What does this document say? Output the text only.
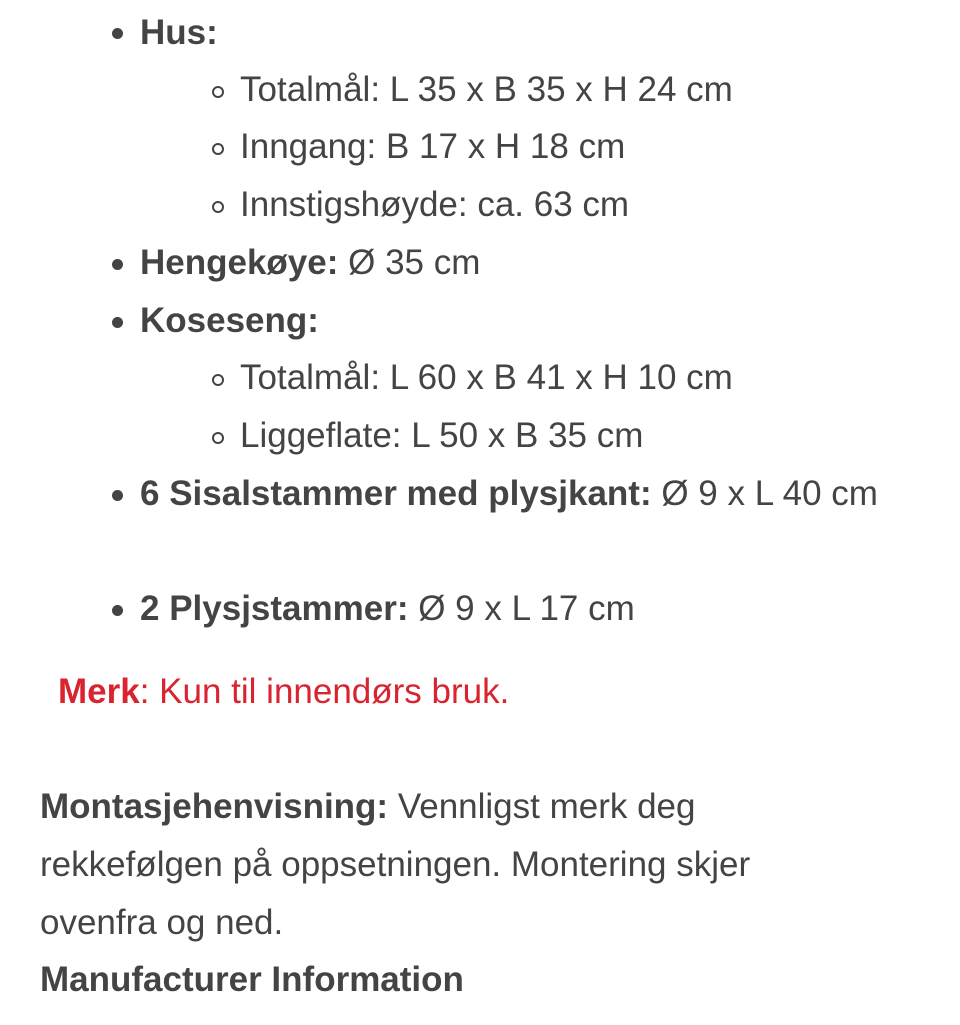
Hus:
Totalmål: L 35 x B 35 x H 24 cm
Inngang: B 17 x H 18 cm
Innstigshøyde: ca. 63 cm
Hengekøye: Ø 35 cm
Koseseng:
Totalmål: L 60 x B 41 x H 10 cm
Liggeflate: L 50 x B 35 cm
6 Sisalstammer med plysjkant: Ø 9 x L 40 cm
2 Plysjstammer: Ø 9 x L 17 cm
Merk: Kun til innendørs bruk.
Montasjehenvisning: Vennligst merk deg
rekkefølgen på oppsetningen. Montering skjer
ovenfra og ned.
Manufacturer Information
